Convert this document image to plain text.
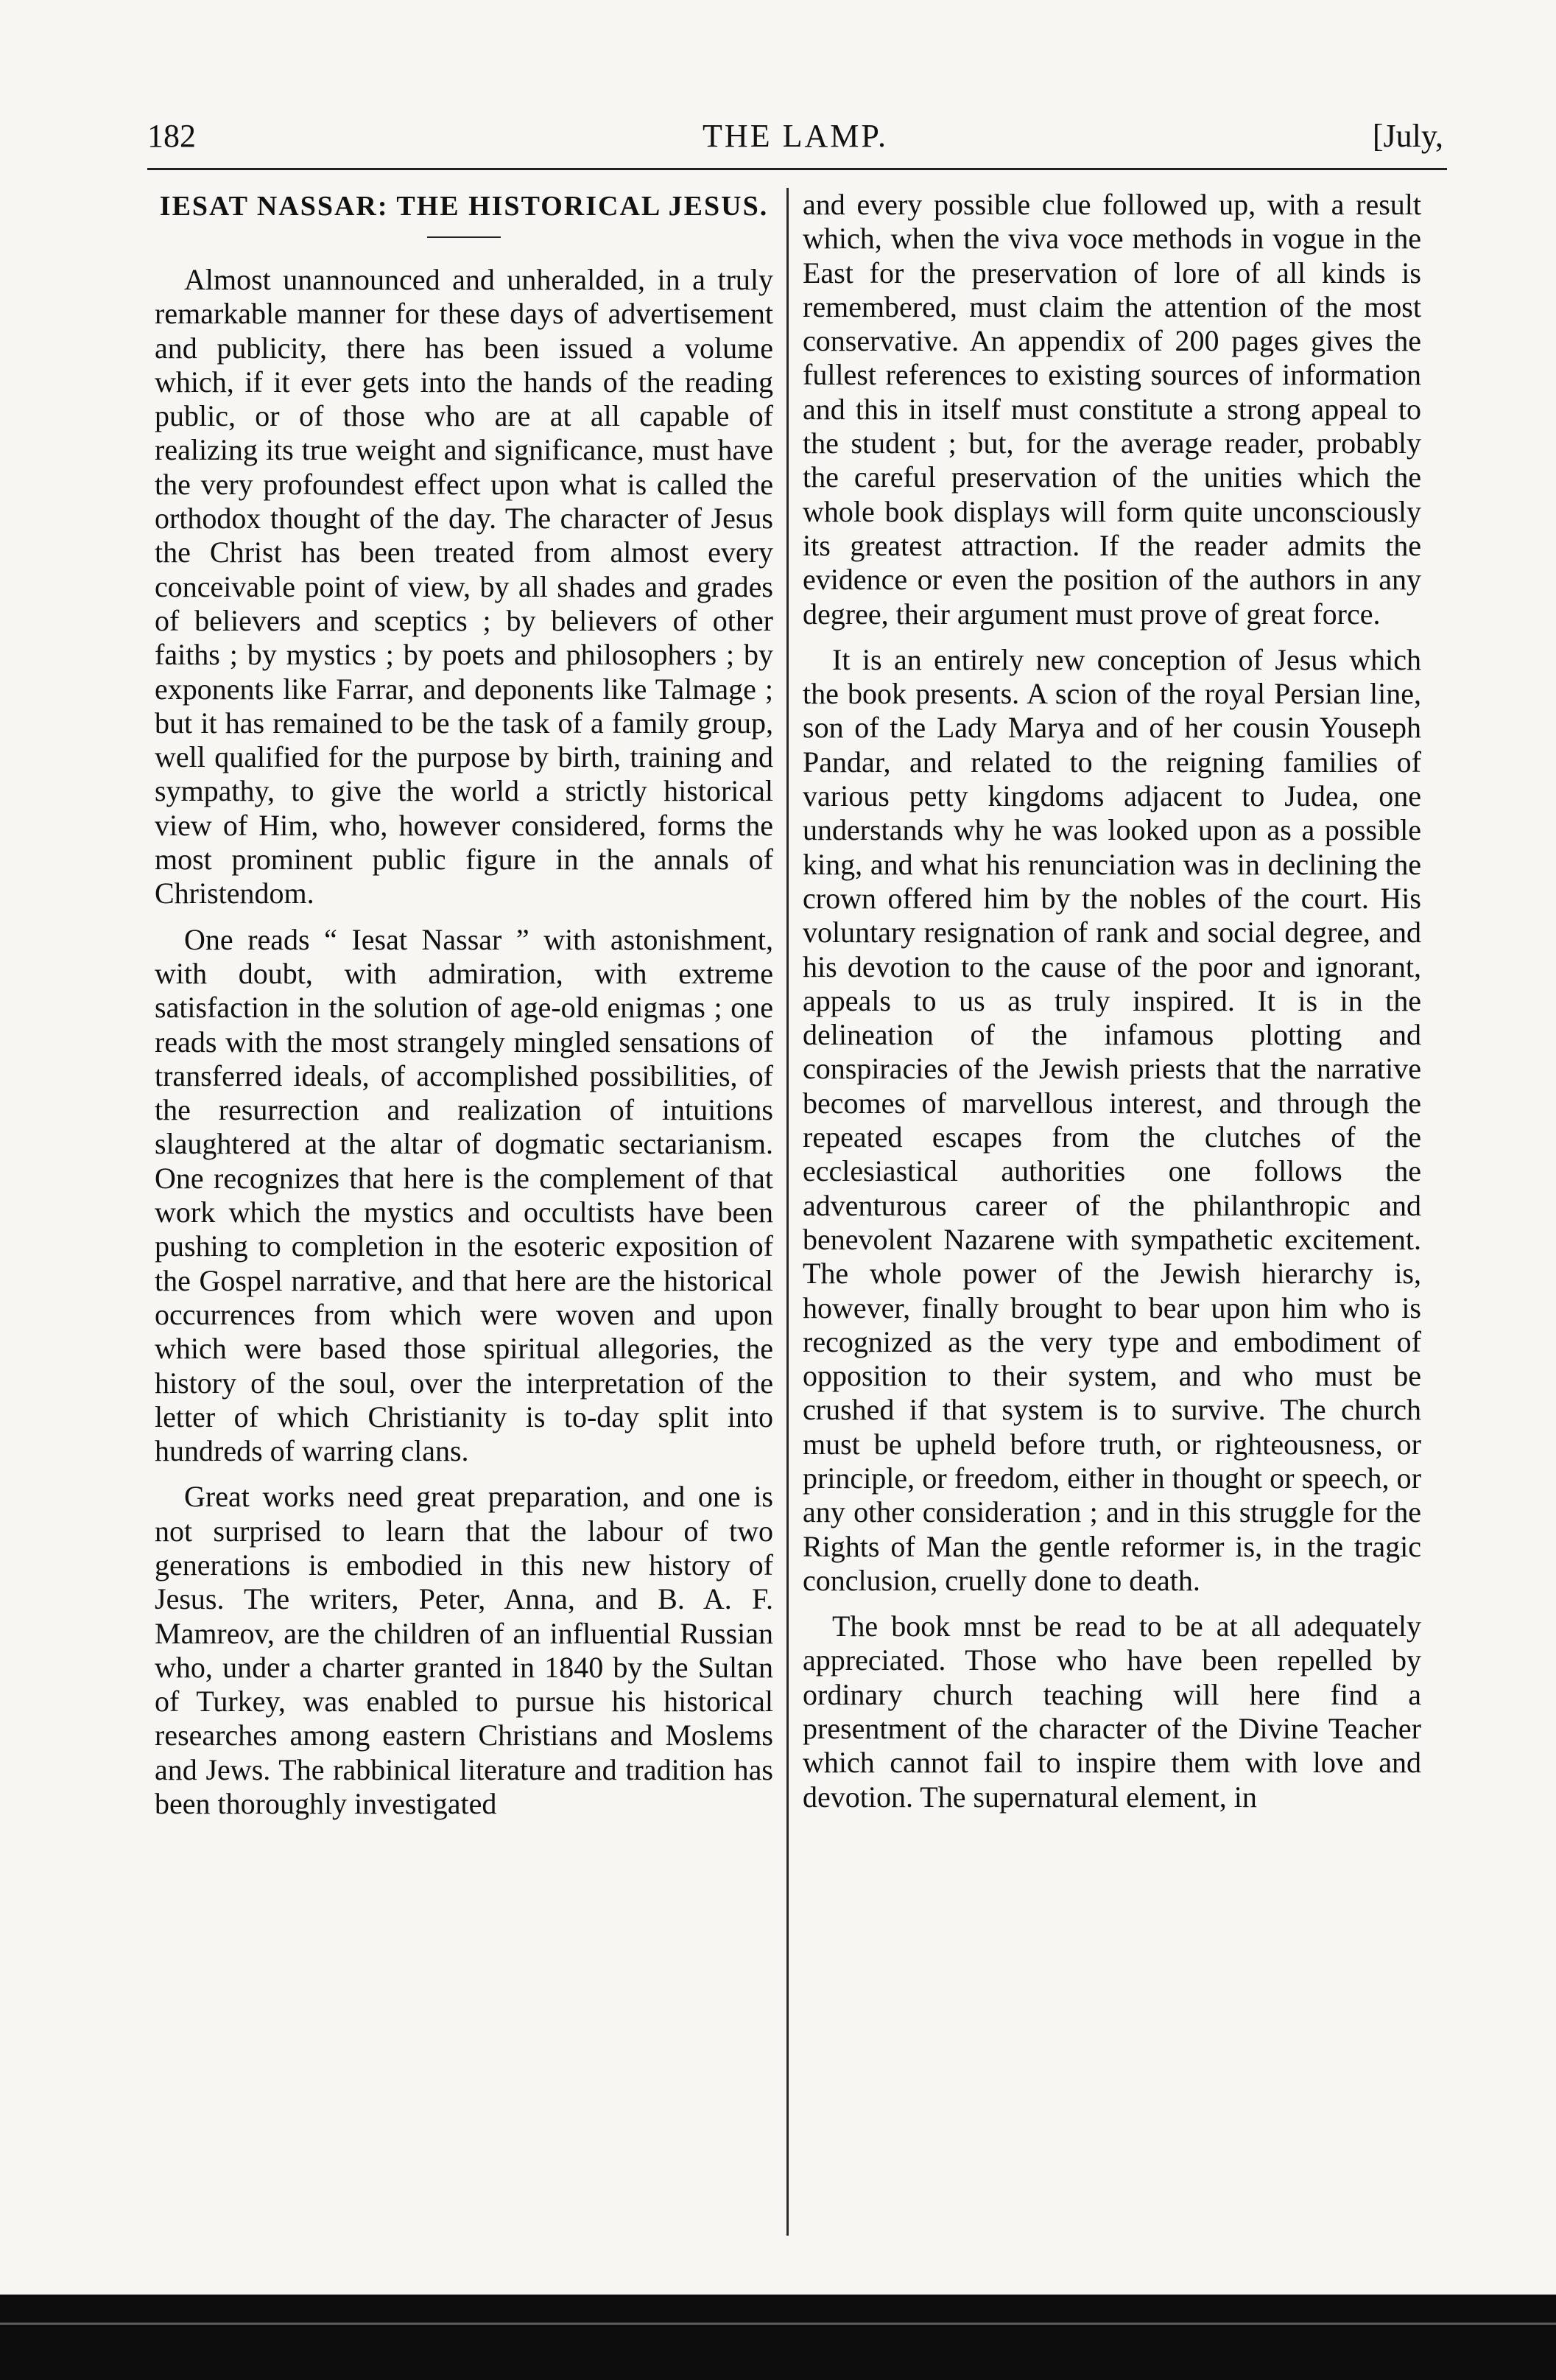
182	THE LAMP.	[July,
IESAT NASSAR: THE HISTORICAL JESUS.

Almost unannounced and unheralded, in a truly remarkable manner for these days of advertisement and publicity, there has been issued a volume which, if it ever gets into the hands of the reading public, or of those who are at all capable of realizing its true weight and significance, must have the very profoundest effect upon what is called the orthodox thought of the day. The character of Jesus the Christ has been treated from almost every conceivable point of view, by all shades and grades of believers and sceptics ; by believers of other faiths ; by mystics ; by poets and philosophers ; by exponents like Farrar, and deponents like Talmage ; but it has remained to be the task of a family group, well qualified for the purpose by birth, training and sympathy, to give the world a strictly historical view of Him, who, however considered, forms the most prominent public figure in the annals of Christendom.

One reads “ Iesat Nassar ” with astonishment, with doubt, with admiration, with extreme satisfaction in the solution of age-old enigmas ; one reads with the most strangely mingled sensations of transferred ideals, of accomplished possibilities, of the resurrection and realization of intuitions slaughtered at the altar of dogmatic sectarianism. One recognizes that here is the complement of that work which the mystics and occultists have been pushing to completion in the esoteric exposition of the Gospel narrative, and that here are the historical occurrences from which were woven and upon which were based those spiritual allegories, the history of the soul, over the interpretation of the letter of which Christianity is to-day split into hundreds of warring clans.

Great works need great preparation, and one is not surprised to learn that the labour of two generations is embodied in this new history of Jesus. The writers, Peter, Anna, and B. A. F. Mamreov, are the children of an influential Russian who, under a charter granted in 1840 by the Sultan of Turkey, was enabled to pursue his historical researches among eastern Christians and Moslems and Jews. The rabbinical literature and tradition has been thoroughly investigated

and every possible clue followed up, with a result which, when the viva voce methods in vogue in the East for the preservation of lore of all kinds is remembered, must claim the attention of the most conservative. An appendix of 200 pages gives the fullest references to existing sources of information and this in itself must constitute a strong appeal to the student ; but, for the average reader, probably the careful preservation of the unities which the whole book displays will form quite unconsciously its greatest attraction. If the reader admits the evidence or even the position of the authors in any degree, their argument must prove of great force.

It is an entirely new conception of Jesus which the book presents. A scion of the royal Persian line, son of the Lady Marya and of her cousin Youseph Pandar, and related to the reigning families of various petty kingdoms adjacent to Judea, one understands why he was looked upon as a possible king, and what his renunciation was in declining the crown offered him by the nobles of the court. His voluntary resignation of rank and social degree, and his devotion to the cause of the poor and ignorant, appeals to us as truly inspired. It is in the delineation of the infamous plotting and conspiracies of the Jewish priests that the narrative becomes of marvellous interest, and through the repeated escapes from the clutches of the ecclesiastical authorities one follows the adventurous career of the philanthropic and benevolent Nazarene with sympathetic excitement. The whole power of the Jewish hierarchy is, however, finally brought to bear upon him who is recognized as the very type and embodiment of opposition to their system, and who must be crushed if that system is to survive. The church must be upheld before truth, or righteousness, or principle, or freedom, either in thought or speech, or any other consideration ; and in this struggle for the Rights of Man the gentle reformer is, in the tragic conclusion, cruelly done to death.

The book mnst be read to be at all adequately appreciated. Those who have been repelled by ordinary church teaching will here find a presentment of the character of the Divine Teacher which cannot fail to inspire them with love and devotion. The supernatural element, in
